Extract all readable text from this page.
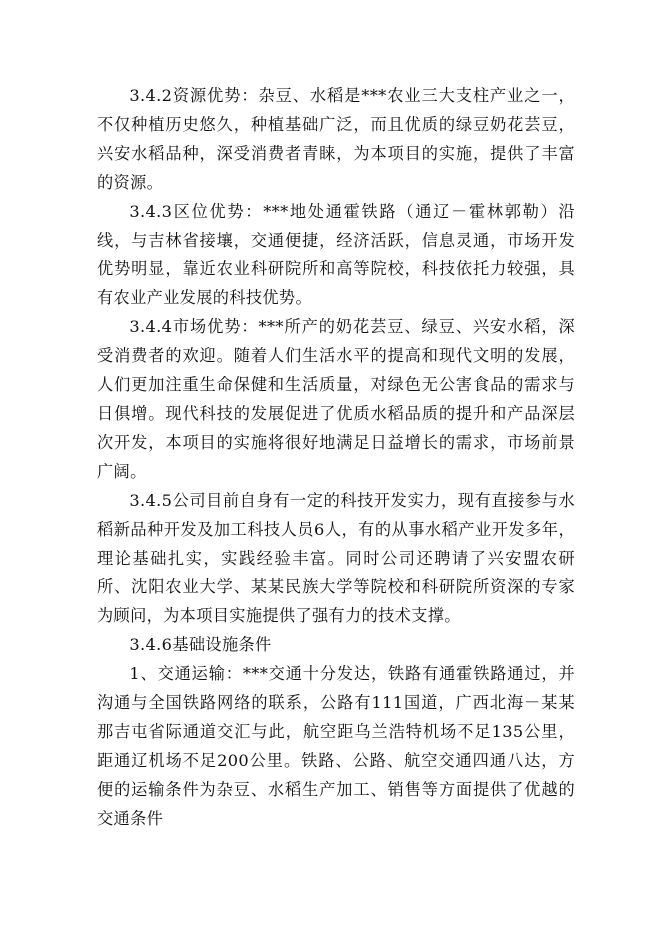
3.4.2资源优势：杂豆、水稻是***农业三大支柱产业之一，不仅种植历史悠久，种植基础广泛，而且优质的绿豆奶花芸豆，兴安水稻品种，深受消费者青睐，为本项目的实施，提供了丰富的资源。

3.4.3区位优势：***地处通霍铁路（通辽－霍林郭勒）沿线，与吉林省接壤，交通便捷，经济活跃，信息灵通，市场开发优势明显，靠近农业科研院所和高等院校，科技依托力较强，具有农业产业发展的科技优势。

3.4.4市场优势：***所产的奶花芸豆、绿豆、兴安水稻，深受消费者的欢迎。随着人们生活水平的提高和现代文明的发展，人们更加注重生命保健和生活质量，对绿色无公害食品的需求与日俱增。现代科技的发展促进了优质水稻品质的提升和产品深层次开发，本项目的实施将很好地满足日益增长的需求，市场前景广阔。

3.4.5公司目前自身有一定的科技开发实力，现有直接参与水稻新品种开发及加工科技人员6人，有的从事水稻产业开发多年，理论基础扎实，实践经验丰富。同时公司还聘请了兴安盟农研所、沈阳农业大学、某某民族大学等院校和科研院所资深的专家为顾问，为本项目实施提供了强有力的技术支撑。

3.4.6基础设施条件

1、交通运输：***交通十分发达，铁路有通霍铁路通过，并沟通与全国铁路网络的联系，公路有111国道，广西北海－某某那吉屯省际通道交汇与此，航空距乌兰浩特机场不足135公里，距通辽机场不足200公里。铁路、公路、航空交通四通八达，方便的运输条件为杂豆、水稻生产加工、销售等方面提供了优越的交通条件
